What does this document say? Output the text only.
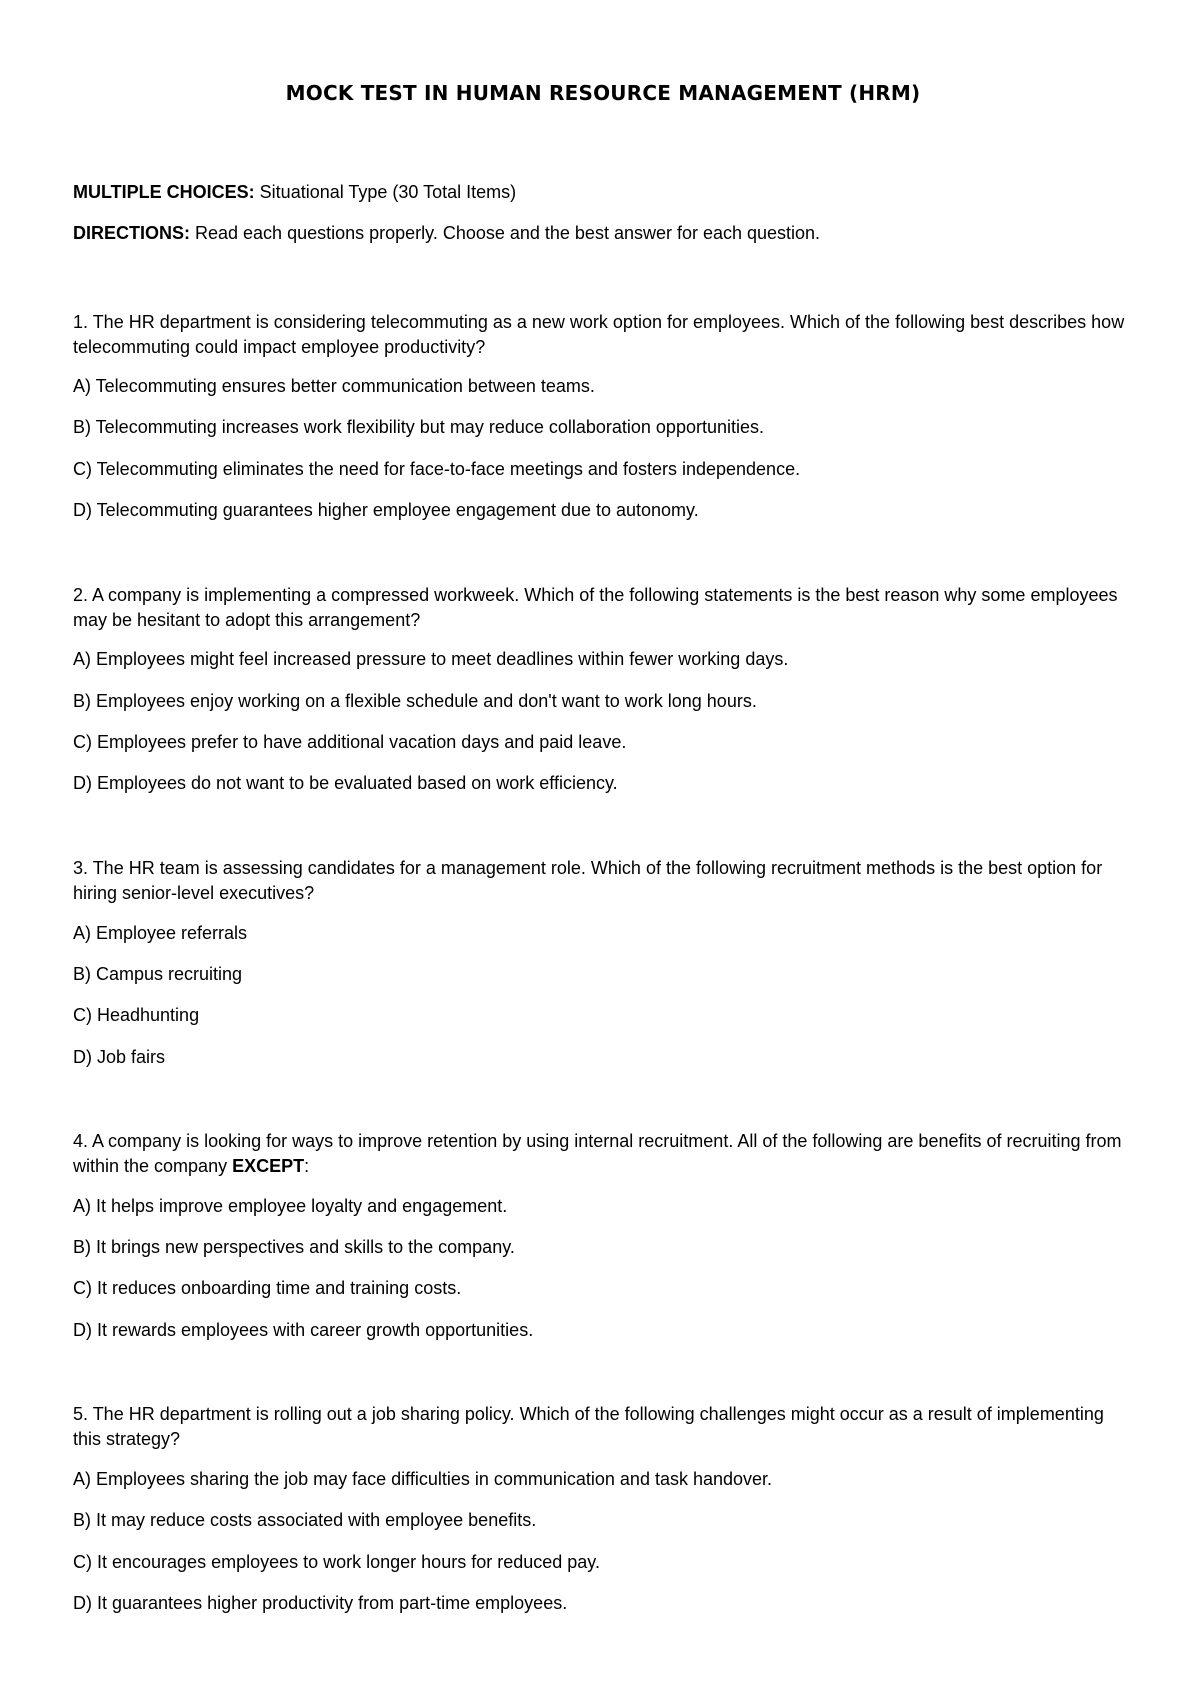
MOCK TEST IN HUMAN RESOURCE MANAGEMENT (HRM)
MULTIPLE CHOICES: Situational Type (30 Total Items)
DIRECTIONS: Read each questions properly. Choose and the best answer for each question.
1. The HR department is considering telecommuting as a new work option for employees. Which of the following best describes how telecommuting could impact employee productivity?
A) Telecommuting ensures better communication between teams.
B) Telecommuting increases work flexibility but may reduce collaboration opportunities.
C) Telecommuting eliminates the need for face-to-face meetings and fosters independence.
D) Telecommuting guarantees higher employee engagement due to autonomy.
2. A company is implementing a compressed workweek. Which of the following statements is the best reason why some employees may be hesitant to adopt this arrangement?
A) Employees might feel increased pressure to meet deadlines within fewer working days.
B) Employees enjoy working on a flexible schedule and don't want to work long hours.
C) Employees prefer to have additional vacation days and paid leave.
D) Employees do not want to be evaluated based on work efficiency.
3. The HR team is assessing candidates for a management role. Which of the following recruitment methods is the best option for hiring senior-level executives?
A) Employee referrals
B) Campus recruiting
C) Headhunting
D) Job fairs
4. A company is looking for ways to improve retention by using internal recruitment. All of the following are benefits of recruiting from within the company EXCEPT:
A) It helps improve employee loyalty and engagement.
B) It brings new perspectives and skills to the company.
C) It reduces onboarding time and training costs.
D) It rewards employees with career growth opportunities.
5. The HR department is rolling out a job sharing policy. Which of the following challenges might occur as a result of implementing this strategy?
A) Employees sharing the job may face difficulties in communication and task handover.
B) It may reduce costs associated with employee benefits.
C) It encourages employees to work longer hours for reduced pay.
D) It guarantees higher productivity from part-time employees.
